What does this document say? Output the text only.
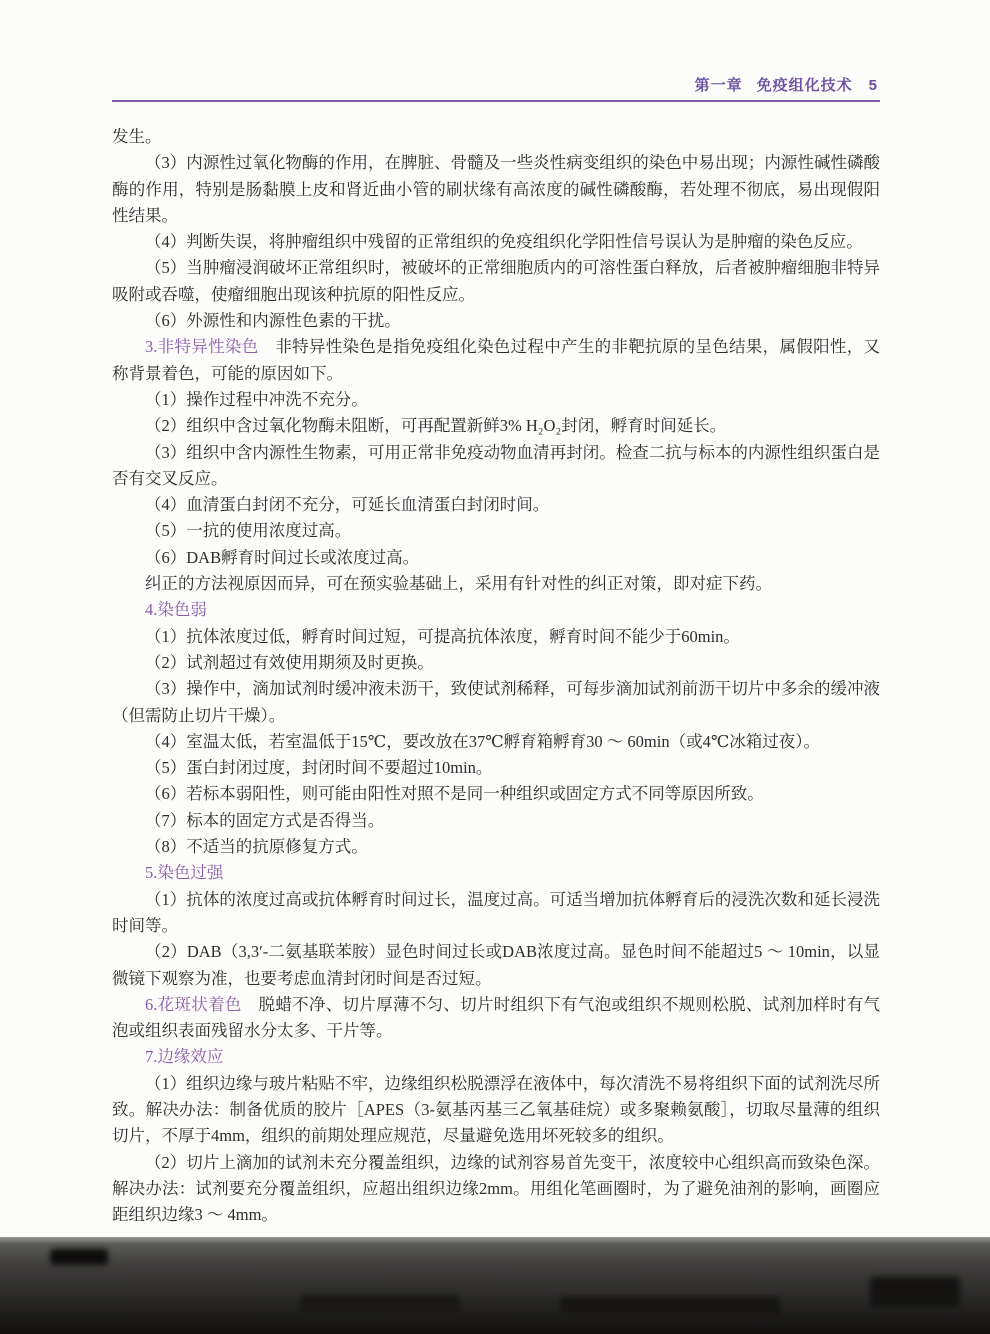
第一章 免疫组化技术 5

发生。

（3）内源性过氧化物酶的作用，在脾脏、骨髓及一些炎性病变组织的染色中易出现；内源性碱性磷酸酶的作用，特别是肠黏膜上皮和肾近曲小管的刷状缘有高浓度的碱性磷酸酶，若处理不彻底，易出现假阳性结果。

（4）判断失误，将肿瘤组织中残留的正常组织的免疫组织化学阳性信号误认为是肿瘤的染色反应。

（5）当肿瘤浸润破坏正常组织时，被破坏的正常细胞质内的可溶性蛋白释放，后者被肿瘤细胞非特异吸附或吞噬，使瘤细胞出现该种抗原的阳性反应。

（6）外源性和内源性色素的干扰。

3.非特异性染色　非特异性染色是指免疫组化染色过程中产生的非靶抗原的呈色结果，属假阳性，又称背景着色，可能的原因如下。

（1）操作过程中冲洗不充分。

（2）组织中含过氧化物酶未阻断，可再配置新鲜3% H₂O₂封闭，孵育时间延长。

（3）组织中含内源性生物素，可用正常非免疫动物血清再封闭。检查二抗与标本的内源性组织蛋白是否有交叉反应。

（4）血清蛋白封闭不充分，可延长血清蛋白封闭时间。

（5）一抗的使用浓度过高。

（6）DAB孵育时间过长或浓度过高。

纠正的方法视原因而异，可在预实验基础上，采用有针对性的纠正对策，即对症下药。

4.染色弱

（1）抗体浓度过低，孵育时间过短，可提高抗体浓度，孵育时间不能少于60min。

（2）试剂超过有效使用期须及时更换。

（3）操作中，滴加试剂时缓冲液未沥干，致使试剂稀释，可每步滴加试剂前沥干切片中多余的缓冲液（但需防止切片干燥）。

（4）室温太低，若室温低于15℃，要改放在37℃孵育箱孵育30 ～ 60min（或4℃冰箱过夜）。

（5）蛋白封闭过度，封闭时间不要超过10min。

（6）若标本弱阳性，则可能由阳性对照不是同一种组织或固定方式不同等原因所致。

（7）标本的固定方式是否得当。

（8）不适当的抗原修复方式。

5.染色过强

（1）抗体的浓度过高或抗体孵育时间过长，温度过高。可适当增加抗体孵育后的浸洗次数和延长浸洗时间等。

（2）DAB（3,3′-二氨基联苯胺）显色时间过长或DAB浓度过高。显色时间不能超过5 ～ 10min，以显微镜下观察为准，也要考虑血清封闭时间是否过短。

6.花斑状着色　脱蜡不净、切片厚薄不匀、切片时组织下有气泡或组织不规则松脱、试剂加样时有气泡或组织表面残留水分太多、干片等。

7.边缘效应

（1）组织边缘与玻片粘贴不牢，边缘组织松脱漂浮在液体中，每次清洗不易将组织下面的试剂洗尽所致。解决办法：制备优质的胶片［APES（3-氨基丙基三乙氧基硅烷）或多聚赖氨酸］，切取尽量薄的组织切片，不厚于4mm，组织的前期处理应规范，尽量避免选用坏死较多的组织。

（2）切片上滴加的试剂未充分覆盖组织，边缘的试剂容易首先变干，浓度较中心组织高而致染色深。解决办法：试剂要充分覆盖组织，应超出组织边缘2mm。用组化笔画圈时，为了避免油剂的影响，画圈应距组织边缘3 ～ 4mm。
